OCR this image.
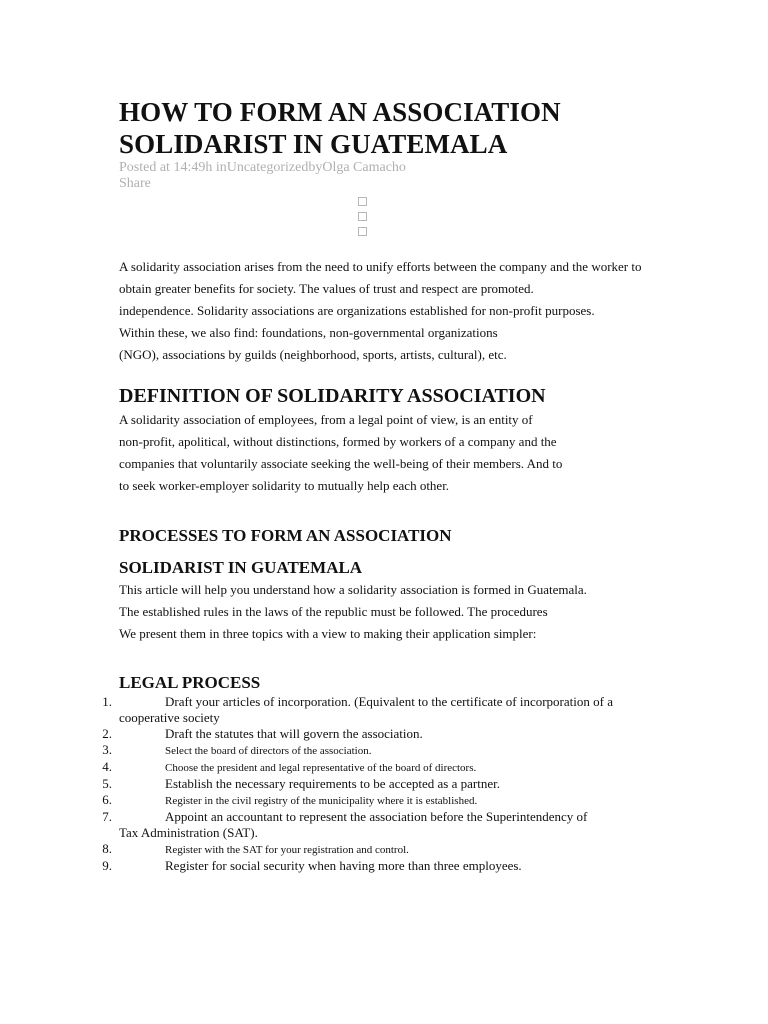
HOW TO FORM AN ASSOCIATION
SOLIDARIST IN GUATEMALA
Posted at 14:49h inUncategorizedbyOlga Camacho
Share

A solidarity association arises from the need to unify efforts between the company and the worker to

obtain greater benefits for society. The values of trust and respect are promoted.

independence. Solidarity associations are organizations established for non-profit purposes.

Within these, we also find: foundations, non-governmental organizations

(NGO), associations by guilds (neighborhood, sports, artists, cultural), etc.

DEFINITION OF SOLIDARITY ASSOCIATION

A solidarity association of employees, from a legal point of view, is an entity of

non-profit, apolitical, without distinctions, formed by workers of a company and the

companies that voluntarily associate seeking the well-being of their members. And to

to seek worker-employer solidarity to mutually help each other.

PROCESSES TO FORM AN ASSOCIATION
SOLIDARIST IN GUATEMALA

This article will help you understand how a solidarity association is formed in Guatemala.

The established rules in the laws of the republic must be followed. The procedures

We present them in three topics with a view to making their application simpler:

LEGAL PROCESS
1.	Draft your articles of incorporation. (Equivalent to the certificate of incorporation of a
cooperative society
2.	Draft the statutes that will govern the association.
3.	Select the board of directors of the association.
4.	Choose the president and legal representative of the board of directors.
5.	Establish the necessary requirements to be accepted as a partner.
6.	Register in the civil registry of the municipality where it is established.
7.	Appoint an accountant to represent the association before the Superintendency of
Tax Administration (SAT).
8.	Register with the SAT for your registration and control.
9.	Register for social security when having more than three employees.
